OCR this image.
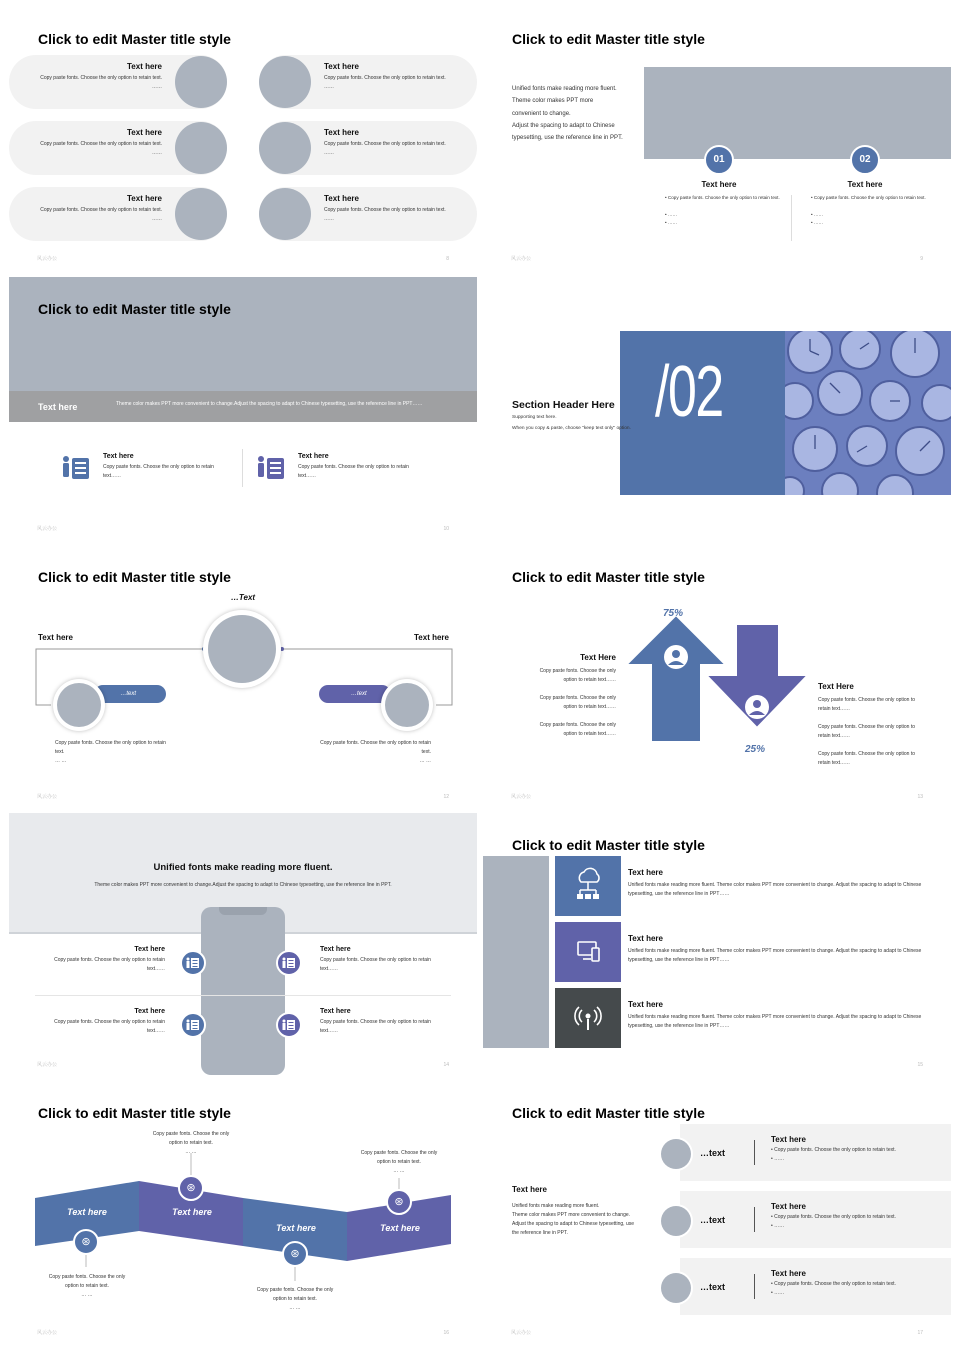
Click to edit Master title style
Text here
Copy paste fonts. Choose the only option to retain text.
……
Text here
Copy paste fonts. Choose the only option to retain text.
……
Text here
Copy paste fonts. Choose the only option to retain text.
……
Text here
Copy paste fonts. Choose the only option to retain text.
……
Text here
Copy paste fonts. Choose the only option to retain text.
……
Text here
Copy paste fonts. Choose the only option to retain text.
……
风云办公	8
Click to edit Master title style
Unified fonts make reading more fluent.
Theme color makes PPT more
convenient to change.
Adjust the spacing to adapt to Chinese
typesetting, use the reference line in PPT.
01	02
Text here	Text here
• Copy paste fonts. Choose the only option to retain text.
• ……
• ……
• Copy paste fonts. Choose the only option to retain text.
• ……
• ……
风云办公	9
Click to edit Master title style
Text here	Theme color makes PPT more convenient to change.Adjust the spacing to adapt to Chinese typesetting, use the reference line in PPT……
Text here
Copy paste fonts. Choose the only option to retain text……
Text here
Copy paste fonts. Choose the only option to retain text……
风云办公	10
/02
Section Header Here
Supporting text here.
When you copy & paste, choose "keep text only" option.
Click to edit Master title style
…Text
Text here	Text here
…text	…text
Copy paste fonts. Choose the only option to retain text.
… …
Copy paste fonts. Choose the only option to retain text.
… …
风云办公	12
Click to edit Master title style
75%
25%
Text Here
Copy paste fonts. Choose the only option to retain text……
Copy paste fonts. Choose the only option to retain text……
Copy paste fonts. Choose the only option to retain text……
Text Here
Copy paste fonts. Choose the only option to retain text……
Copy paste fonts. Choose the only option to retain text……
Copy paste fonts. Choose the only option to retain text……
风云办公	13
Unified fonts make reading more fluent.
Theme color makes PPT more convenient to change.Adjust the spacing to adapt to Chinese typesetting, use the reference line in PPT.
Text here
Copy paste fonts. Choose the only option to retain text……
Text here
Copy paste fonts. Choose the only option to retain text……
Text here
Copy paste fonts. Choose the only option to retain text……
Text here
Copy paste fonts. Choose the only option to retain text……
风云办公	14
Click to edit Master title style
Text here
Unified fonts make reading more fluent. Theme color makes PPT more convenient to change. Adjust the spacing to adapt to Chinese typesetting, use the reference line in PPT……
Text here
Unified fonts make reading more fluent. Theme color makes PPT more convenient to change. Adjust the spacing to adapt to Chinese typesetting, use the reference line in PPT……
Text here
Unified fonts make reading more fluent. Theme color makes PPT more convenient to change. Adjust the spacing to adapt to Chinese typesetting, use the reference line in PPT……
15
Click to edit Master title style
⊛
⊛
⊛
⊛
Text here	Text here
Text here	Text here
Copy paste fonts. Choose the only option to retain text.
… …
Copy paste fonts. Choose the only option to retain text.
… …
Copy paste fonts. Choose the only option to retain text.
… …
Copy paste fonts. Choose the only option to retain text.
… …
风云办公	16
Click to edit Master title style
Text here
Unified fonts make reading more fluent.
Theme color makes PPT more convenient to change.
Adjust the spacing to adapt to Chinese typesetting, use
the reference line in PPT.
…text
…text
…text
Text here
• Copy paste fonts. Choose the only option to retain text.
• ……
Text here
• Copy paste fonts. Choose the only option to retain text.
• ……
Text here
• Copy paste fonts. Choose the only option to retain text.
• ……
风云办公	17
